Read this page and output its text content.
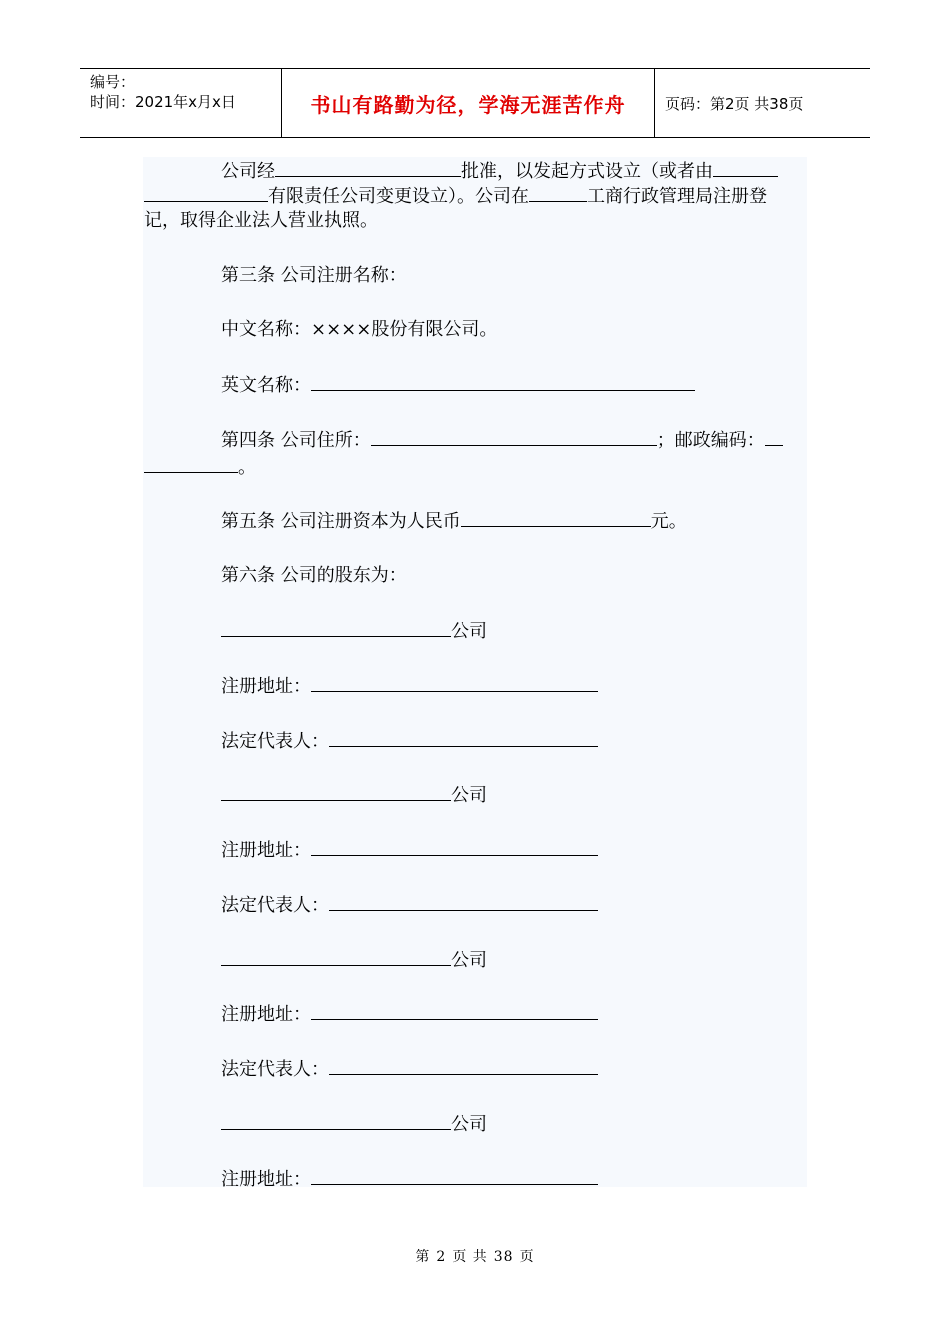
编号：
时间：2021年x月x日	书山有路勤为径，学海无涯苦作舟	页码：第2页 共38页
公司经	批准，以发起方式设立（或者由
有限责任公司变更设立）。公司在	工商行政管理局注册登
记，取得企业法人营业执照。
第三条 公司注册名称：
中文名称：××××股份有限公司。
英文名称：
第四条 公司住所：	；邮政编码：
。
第五条 公司注册资本为人民币	元。
第六条 公司的股东为：
公司
注册地址：
法定代表人：
公司
注册地址：
法定代表人：
公司
注册地址：
法定代表人：
公司
注册地址：
第 2 页 共 38 页
